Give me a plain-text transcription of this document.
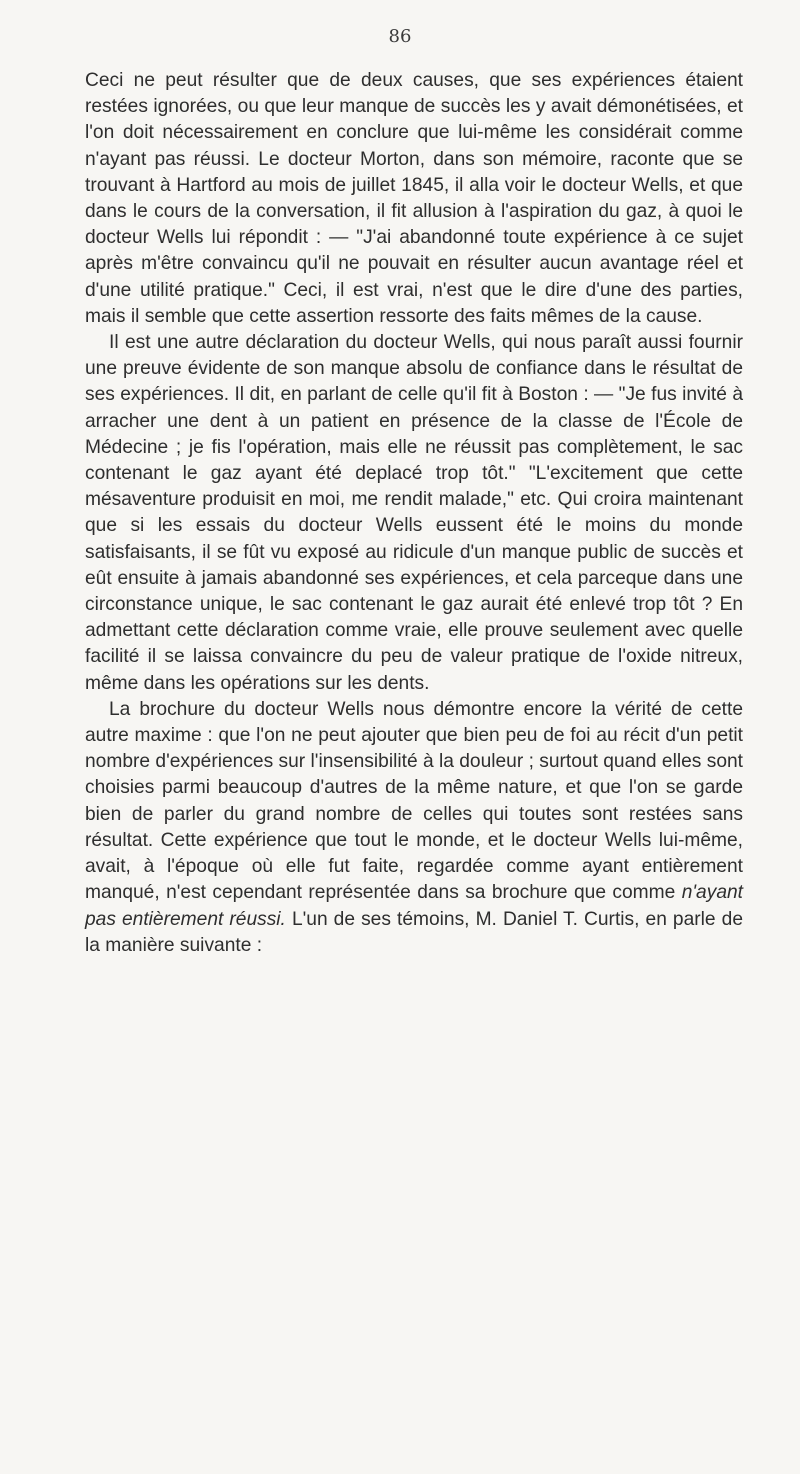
86

Ceci ne peut résulter que de deux causes, que ses expériences étaient restées ignorées, ou que leur manque de succès les y avait démonétisées, et l'on doit nécessairement en conclure que lui-même les considérait comme n'ayant pas réussi. Le docteur Morton, dans son mémoire, raconte que se trouvant à Hartford au mois de juillet 1845, il alla voir le docteur Wells, et que dans le cours de la conversation, il fit allusion à l'aspiration du gaz, à quoi le docteur Wells lui répondit : — "J'ai abandonné toute expérience à ce sujet après m'être convaincu qu'il ne pouvait en résulter aucun avantage réel et d'une utilité pratique." Ceci, il est vrai, n'est que le dire d'une des parties, mais il semble que cette assertion ressorte des faits mêmes de la cause.

Il est une autre déclaration du docteur Wells, qui nous paraît aussi fournir une preuve évidente de son manque absolu de confiance dans le résultat de ses expériences. Il dit, en parlant de celle qu'il fit à Boston : — "Je fus invité à arracher une dent à un patient en présence de la classe de l'École de Médecine ; je fis l'opération, mais elle ne réussit pas complètement, le sac contenant le gaz ayant été deplacé trop tôt." "L'excitement que cette mésaventure produisit en moi, me rendit malade," etc. Qui croira maintenant que si les essais du docteur Wells eussent été le moins du monde satisfaisants, il se fût vu exposé au ridicule d'un manque public de succès et eût ensuite à jamais abandonné ses expériences, et cela parceque dans une circonstance unique, le sac contenant le gaz aurait été enlevé trop tôt ? En admettant cette déclaration comme vraie, elle prouve seulement avec quelle facilité il se laissa convaincre du peu de valeur pratique de l'oxide nitreux, même dans les opérations sur les dents.

La brochure du docteur Wells nous démontre encore la vérité de cette autre maxime : que l'on ne peut ajouter que bien peu de foi au récit d'un petit nombre d'expériences sur l'insensibilité à la douleur ; surtout quand elles sont choisies parmi beaucoup d'autres de la même nature, et que l'on se garde bien de parler du grand nombre de celles qui toutes sont restées sans résultat. Cette expérience que tout le monde, et le docteur Wells lui-même, avait, à l'époque où elle fut faite, regardée comme ayant entièrement manqué, n'est cependant représentée dans sa brochure que comme n'ayant pas entièrement réussi. L'un de ses témoins, M. Daniel T. Curtis, en parle de la manière suivante :
